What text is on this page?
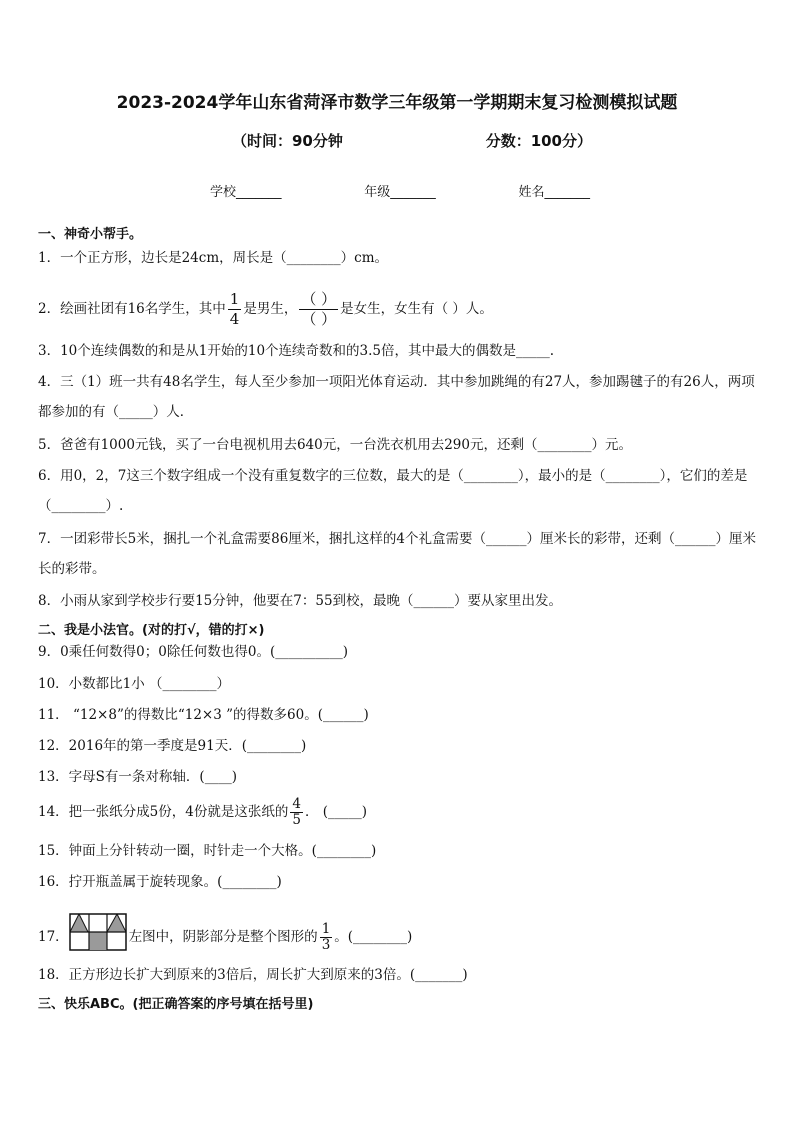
2023-2024学年山东省菏泽市数学三年级第一学期期末复习检测模拟试题
（时间：90分钟	分数：100分）
学校_______	年级_______	姓名_______
一、神奇小帮手。
1．一个正方形，边长是24cm，周长是（________）cm。
2．绘画社团有16名学生，其中 $\frac{1}{4}$ 是男生， $\frac{( )}{( )}$ 是女生，女生有（ ）人。
3．10个连续偶数的和是从1开始的10个连续奇数和的3.5倍，其中最大的偶数是_____.
4．三（1）班一共有48名学生，每人至少参加一项阳光体育运动．其中参加跳绳的有27人，参加踢毽子的有26人，两项都参加的有（_____）人．
5．爸爸有1000元钱，买了一台电视机用去640元，一台洗衣机用去290元，还剩（________）元。
6．用0，2，7这三个数字组成一个没有重复数字的三位数，最大的是（________），最小的是（________），它们的差是（________）.
7．一团彩带长5米，捆扎一个礼盒需要86厘米，捆扎这样的4个礼盒需要（______）厘米长的彩带，还剩（______）厘米长的彩带。
8．小雨从家到学校步行要15分钟，他要在7：55到校，最晚（______）要从家里出发。
二、我是小法官。(对的打√，错的打×)
9．0乘任何数得0；0除任何数也得0。(__________)
10．小数都比1小 （________）
11． “12×8”的得数比“12×3 ”的得数多60。(______)
12．2016年的第一季度是91天．(________)
13．字母S有一条对称轴．(____)
14．把一张纸分成5份，4份就是这张纸的 $\frac{4}{5}$ ． (_____)
15．钟面上分针转动一圈，时针走一个大格。(________)
16．拧开瓶盖属于旋转现象。(________)
17．	左图中，阴影部分是整个图形的 $\frac{1}{3}$ 。(________)
18．正方形边长扩大到原来的3倍后，周长扩大到原来的3倍。(_______)
三、快乐ABC。(把正确答案的序号填在括号里)
